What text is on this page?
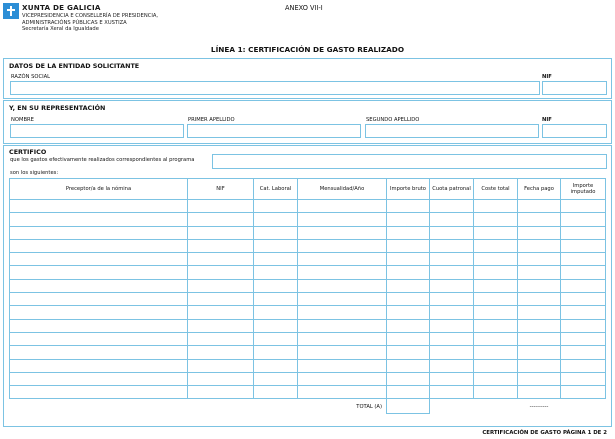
XUNTA DE GALICIA
VICEPRESIDENCIA E CONSELLERÍA DE PRESIDENCIA,
ADMINISTRACIÓNS PÚBLICAS E XUSTIZA
Secretaría Xeral da Igualdade
ANEXO VII-I
LÍNEA 1: CERTIFICACIÓN DE GASTO REALIZADO
DATOS DE LA ENTIDAD SOLICITANTE
RAZÓN SOCIAL	NIF
Y, EN SU REPRESENTACIÓN
NOMBRE	PRIMER APELLIDO	SEGUNDO APELLIDO	NIF
CERTIFICO
que los gastos efectivamente realizados correspondientes al programa
son los siguientes:
Preceptor/a de la nómina	NIF	Cat. Laboral	Mensualidad/Año	Importe bruto	Cuota patronal	Coste total	Fecha pago	Importe imputado

TOTAL (A)							----------	
CERTIFICACIÓN DE GASTO PÁGINA 1 DE 2
